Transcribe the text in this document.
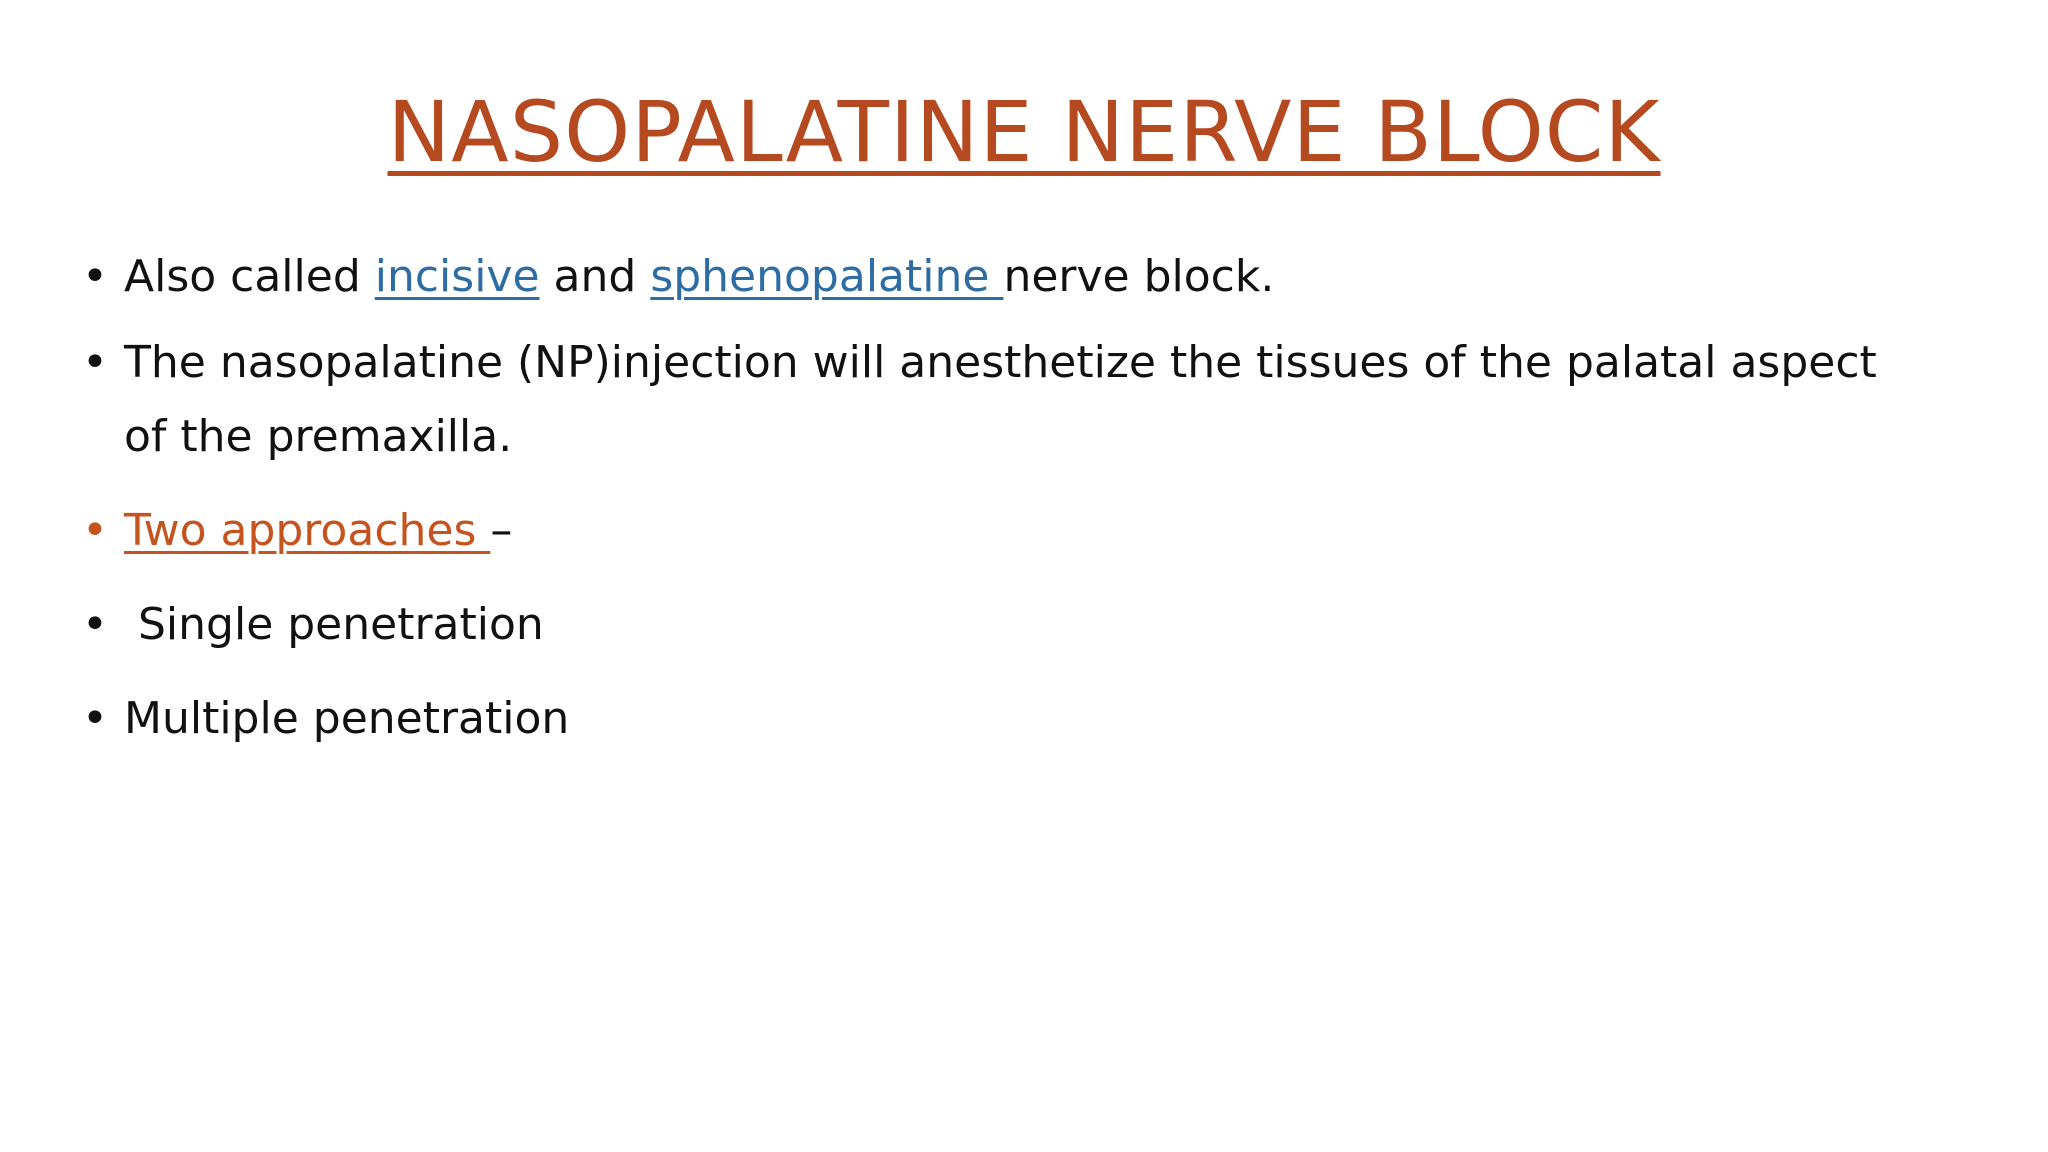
NASOPALATINE NERVE BLOCK
• Also called incisive and sphenopalatine nerve block.
• The nasopalatine (NP)injection will anesthetize the tissues of the palatal aspect of the premaxilla.
• Two approaches –
• Single penetration
• Multiple penetration
